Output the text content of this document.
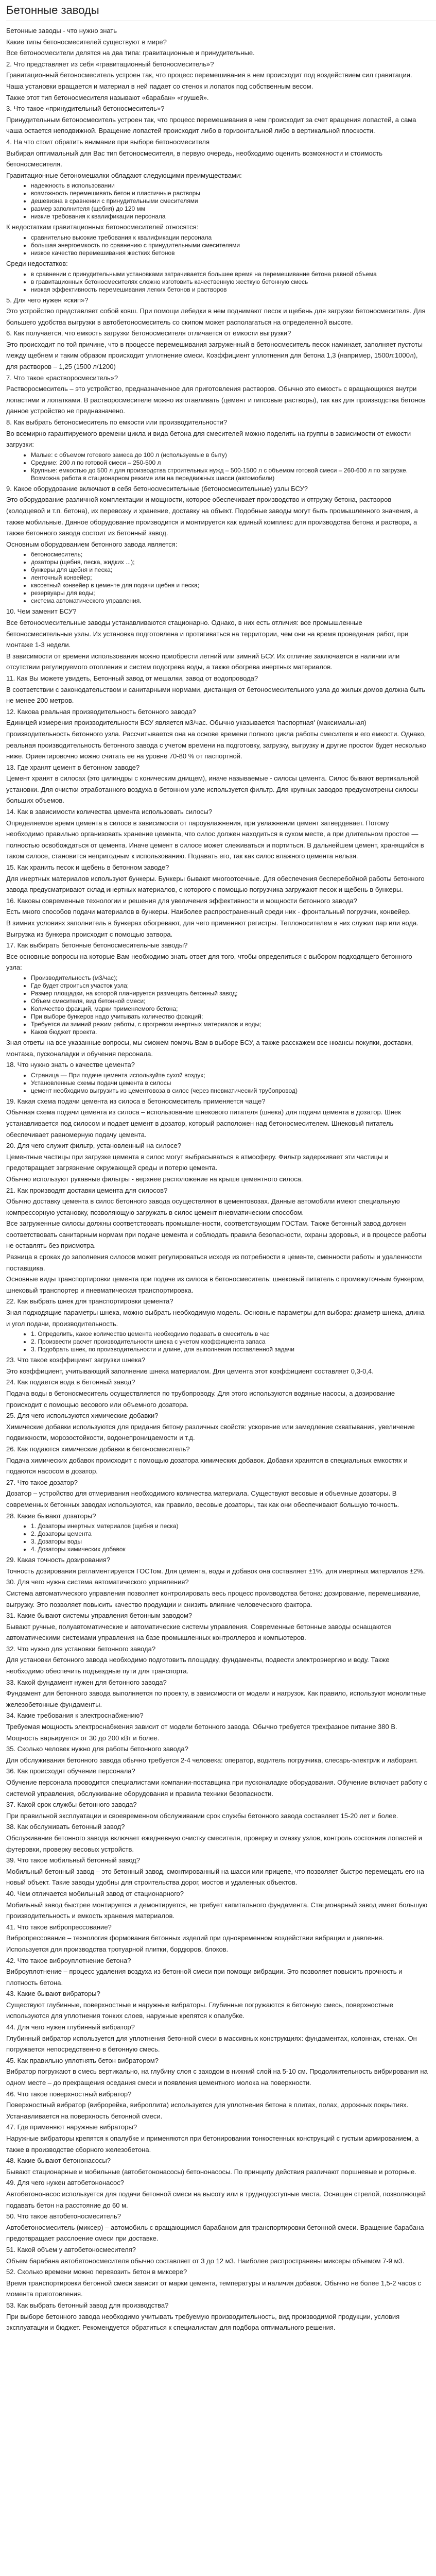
Бетонные заводы

Бетонные заводы - что нужно знать

Какие типы бетоносмесителей существуют в мире?

Все бетоносмесители делятся на два типа: гравитационные и принудительные.

2. Что представляет из себя «гравитационный бетоносмеситель»?

Гравитационный бетоносмеситель устроен так, что процесс перемешивания в нем происходит под воздействием сил гравитации. Чаша установки вращается и материал в ней падает со стенок и лопаток под собственным весом.

Также этот тип бетоносмесителя называют «барабан» «грушей».

3. Что такое «принудительный бетоносмеситель»?

Принудительным бетоносмеситель устроен так, что процесс перемешивания в нем происходит за счет вращения лопастей, а сама чаша остается неподвижной. Вращение лопастей происходит либо в горизонтальной либо в вертикальной плоскости.

4. На что стоит обратить внимание при выборе бетоносмесителя

Выбирая оптимальный для Вас тип бетоносмесителя, в первую очередь, необходимо оценить возможности и стоимость бетоносмесителя.

Гравитационные бетономешалки обладают следующими преимуществами:

• надежность в использовании
• возможность перемешивать бетон и пластичные растворы
• дешевизна в сравнении с принудительными смесителями
• размер заполнителя (щебня) до 120 мм
• низкие требования к квалификации персонала

К недостаткам гравитационных бетоносмесителей относятся:

• сравнительно высокие требования к квалификации персонала
• большая энергоемкость по сравнению с принудительными смесителями
• низкое качество перемешивания жестких бетонов

Среди недостатков:

• в сравнении с принудительными установками затрачивается большее время на перемешивание бетона равной объема
• в гравитационных бетоносмесителях сложно изготовить качественную жесткую бетонную смесь
• низкая эффективность перемешивания легких бетонов и растворов

5. Для чего нужен «скип»?

Это устройство представляет собой ковш. При помощи лебедки в нем поднимают песок и щебень для загрузки бетоносмесителя. Для большего удобства выгрузки в автобетоносмеситель со скипом может располагаться на определенной высоте.

6. Как получается, что емкость загрузки бетоносмесителя отличается от емкости выгрузки?

Это происходит по той причине, что в процессе перемешивания загруженный в бетоносмеситель песок наминает, заполняет пустоты между щебнем и таким образом происходит уплотнение смеси. Коэффициент уплотнения для бетона 1,3 (например, 1500л:1000л), для растворов – 1,25 (1500 л/1200)

7. Что такое «растворосмеситель»?

Растворосмеситель – это устройство, предназначенное для приготовления растворов. Обычно это емкость с вращающихся внутри лопастями и лопатками. В растворосмесителе можно изготавливать (цемент и гипсовые растворы), так как для производства бетонов данное устройство не предназначено.

8. Как выбрать бетоносмеситель по емкости или производительности?

Во всемирно гарантируемого времени цикла и вида бетона для смесителей можно поделить на группы в зависимости от емкости загрузки:

• Малые: с объемом готового замеса до 100 л (используемые в быту)
• Средние: 200 л по готовой смеси – 250-500 л
• Крупные: емкостью до 500 л для производства строительных нужд – 500-1500 л с объемом готовой смеси – 260-600 л по загрузке. Возможна работа в стационарном режиме или на передвижных шасси (автомобили)

9. Какое оборудование включают в себя бетоносмесительные (бетоносмесительные) узлы БСУ?

Это оборудование различной комплектации и мощности, которое обеспечивает производство и отгрузку бетона, растворов (колодцевой и т.п. бетона), их перевозку и хранение, доставку на объект. Подобные заводы могут быть промышленного значения, а также мобильные. Данное оборудование производится и монтируется как единый комплекс для производства бетона и раствора, а также бетонного завода состоит из бетонный завод.

Основным оборудованием бетонного завода является:

• бетоносмеситель;
• дозаторы (щебня, песка, жидких ...);
• бункеры для щебня и песка;
• ленточный конвейер;
• кассетный конвейер в цементе для подачи щебня и песка;
• резервуары для воды;
• система автоматического управления.

10. Чем заменит БСУ?

Все бетоносмесительные заводы устанавливаются стационарно. Однако, в них есть отличия: все промышленные бетоносмесительные узлы. Их установка подготовлена и протягиваться на территории, чем они на время проведения работ, при монтаже 1-3 недели.

В зависимости от времени использования можно приобрести летний или зимний БСУ. Их отличие заключается в наличии или отсутствии регулируемого отопления и систем подогрева воды, а также обогрева инертных материалов.

11. Как Вы можете увидеть, Бетонный завод от мешалки, завод от водопровода?

В соответствии с законодательством и санитарными нормами, дистанция от бетоносмесительного узла до жилых домов должна быть не менее 200 метров.

12. Какова реальная производительность бетонного завода?

Единицей измерения производительности БСУ является м3/час. Обычно указывается 'паспортная' (максимальная) производительность бетонного узла. Рассчитывается она на основе времени полного цикла работы смесителя и его емкости. Однако, реальная производительность бетонного завода с учетом времени на подготовку, загрузку, выгрузку и другие простои будет несколько ниже. Ориентировочно можно считать ее на уровне 70-80 % от паспортной.

13. Где хранят цемент в бетонном заводе?

Цемент хранят в силосах (это цилиндры с коническим днищем), иначе называемые - силосы цемента. Силос бывают вертикальной установки. Для очистки отработанного воздуха в бетонном узле используется фильтр. Для крупных заводов предусмотрены силосы больших объемов.

14. Как в зависимости количества цемента использовать силосы?

Определяемое время цемента в силосе в зависимости от пароувлажнения, при увлажнении цемент затвердевает. Потому необходимо правильно организовать хранение цемента, что силос должен находиться в сухом месте, а при длительном простое — полностью освобождаться от цемента. Иначе цемент в силосе может слеживаться и портиться. В дальнейшем цемент, хранящийся в таком силосе, становится непригодным к использованию. Подавать его, так как силос влажного цемента нельзя.

15. Как хранить песок и щебень в бетонном заводе?

Для инертных материалов используют бункеры. Бункеры бывают многоотсечные. Для обеспечения бесперебойной работы бетонного завода предусматривают склад инертных материалов, с которого с помощью погрузчика загружают песок и щебень в бункеры.

16. Каковы современные технологии и решения для увеличения эффективности и мощности бетонного завода?

Есть много способов подачи материалов в бункеры. Наиболее распространенный среди них - фронтальный погрузчик, конвейер.

В зимних условиях заполнитель в бункерах обогревают, для чего применяют регистры. Теплоносителем в них служит пар или вода.

Выгрузка из бункера происходит с помощью затвора.

17. Как выбирать бетонные бетоносмесительные заводы?

Все основные вопросы на которые Вам необходимо знать ответ для того, чтобы определиться с выбором подходящего бетонного узла:

• Производительность (м3/час);
• Где будет строиться участок узла;
• Размер площадки, на которой планируется размещать бетонный завод;
• Объем смесителя, вид бетонной смеси;
• Количество фракций, марки применяемого бетона;
• При выборе бункеров надо учитывать количество фракций;
• Требуется ли зимний режим работы, с прогревом инертных материалов и воды;
• Каков бюджет проекта.

Зная ответы на все указанные вопросы, мы сможем помочь Вам в выборе БСУ, а также расскажем все нюансы покупки, доставки, монтажа, пусконаладки и обучения персонала.

18. Что нужно знать о качестве цемента?

• Страница — При подаче цемента используйте сухой воздух;
• Установленные схемы подачи цемента в силосы
• цемент необходимо выгрузить из цементовоза в силос (через пневматический трубопровод)

19. Какая схема подачи цемента из силоса в бетоносмеситель применяется чаще?

Обычная схема подачи цемента из силоса – использование шнекового питателя (шнека) для подачи цемента в дозатор. Шнек устанавливается под силосом и подает цемент в дозатор, который расположен над бетоносмесителем. Шнековый питатель обеспечивает равномерную подачу цемента.

20. Для чего служит фильтр, установленный на силосе?

Цементные частицы при загрузке цемента в силос могут выбрасываться в атмосферу. Фильтр задерживает эти частицы и предотвращает загрязнение окружающей среды и потерю цемента.

Обычно используют рукавные фильтры - верхнее расположение на крыше цементного силоса.

21. Как производят доставки цемента для силосов?

Обычно доставку цемента в силос бетонного завода осуществляют в цементовозах. Данные автомобили имеют специальную компрессорную установку, позволяющую загружать в силос цемент пневматическим способом.

Все загруженные силосы должны соответствовать промышленности, соответствующим ГОСТам. Также бетонный завод должен соответствовать санитарным нормам при подаче цемента и соблюдать правила безопасности, охраны здоровья, и в процессе работы не оставлять без присмотра.

Разница в сроках до заполнения силосов может регулироваться исходя из потребности в цементе, сменности работы и удаленности поставщика.

Основные виды транспортировки цемента при подаче из силоса в бетоносмеситель: шнековый питатель с промежуточным бункером, шнековый транспортер и пневматическая транспортировка.

22. Как выбрать шнек для транспортировки цемента?

Зная подходящие параметры шнека, можно выбрать необходимую модель. Основные параметры для выбора: диаметр шнека, длина и угол подачи, производительность.

• 1. Определить, какое количество цемента необходимо подавать в смеситель в час
• 2. Произвести расчет производительности шнека с учетом коэффициента запаса
• 3. Подобрать шнек, по производительности и длине, для выполнения поставленной задачи

23. Что такое коэффициент загрузки шнека?

Это коэффициент, учитывающий заполнение шнека материалом. Для цемента этот коэффициент составляет 0,3-0,4.

24. Как подается вода в бетонный завод?

Подача воды в бетоносмеситель осуществляется по трубопроводу. Для этого используются водяные насосы, а дозирование происходит с помощью весового или объемного дозатора.

25. Для чего используются химические добавки?

Химические добавки используются для придания бетону различных свойств: ускорение или замедление схватывания, увеличение подвижности, морозостойкости, водонепроницаемости и т.д.

26. Как подаются химические добавки в бетоносмеситель?

Подача химических добавок происходит с помощью дозатора химических добавок. Добавки хранятся в специальных емкостях и подаются насосом в дозатор.

27. Что такое дозатор?

Дозатор – устройство для отмеривания необходимого количества материала. Существуют весовые и объемные дозаторы. В современных бетонных заводах используются, как правило, весовые дозаторы, так как они обеспечивают большую точность.

28. Какие бывают дозаторы?

• 1. Дозаторы инертных материалов (щебня и песка)
• 2. Дозаторы цемента
• 3. Дозаторы воды
• 4. Дозаторы химических добавок

29. Какая точность дозирования?

Точность дозирования регламентируется ГОСТом. Для цемента, воды и добавок она составляет ±1%, для инертных материалов ±2%.

30. Для чего нужна система автоматического управления?

Система автоматического управления позволяет контролировать весь процесс производства бетона: дозирование, перемешивание, выгрузку. Это позволяет повысить качество продукции и снизить влияние человеческого фактора.

31. Какие бывают системы управления бетонным заводом?

Бывают ручные, полуавтоматические и автоматические системы управления. Современные бетонные заводы оснащаются автоматическими системами управления на базе промышленных контроллеров и компьютеров.

32. Что нужно для установки бетонного завода?

Для установки бетонного завода необходимо подготовить площадку, фундаменты, подвести электроэнергию и воду. Также необходимо обеспечить подъездные пути для транспорта.

33. Какой фундамент нужен для бетонного завода?

Фундамент для бетонного завода выполняется по проекту, в зависимости от модели и нагрузок. Как правило, используют монолитные железобетонные фундаменты.

34. Какие требования к электроснабжению?

Требуемая мощность электроснабжения зависит от модели бетонного завода. Обычно требуется трехфазное питание 380 В. Мощность варьируется от 30 до 200 кВт и более.

35. Сколько человек нужно для работы бетонного завода?

Для обслуживания бетонного завода обычно требуется 2-4 человека: оператор, водитель погрузчика, слесарь-электрик и лаборант.

36. Как происходит обучение персонала?

Обучение персонала проводится специалистами компании-поставщика при пусконаладке оборудования. Обучение включает работу с системой управления, обслуживание оборудования и правила техники безопасности.

37. Какой срок службы бетонного завода?

При правильной эксплуатации и своевременном обслуживании срок службы бетонного завода составляет 15-20 лет и более.

38. Как обслуживать бетонный завод?

Обслуживание бетонного завода включает ежедневную очистку смесителя, проверку и смазку узлов, контроль состояния лопастей и футеровки, проверку весовых устройств.

39. Что такое мобильный бетонный завод?

Мобильный бетонный завод – это бетонный завод, смонтированный на шасси или прицепе, что позволяет быстро перемещать его на новый объект. Такие заводы удобны для строительства дорог, мостов и удаленных объектов.

40. Чем отличается мобильный завод от стационарного?

Мобильный завод быстрее монтируется и демонтируется, не требует капитального фундамента. Стационарный завод имеет большую производительность и емкость хранения материалов.

41. Что такое вибропрессование?

Вибропрессование – технология формования бетонных изделий при одновременном воздействии вибрации и давления. Используется для производства тротуарной плитки, бордюров, блоков.

42. Что такое виброуплотнение бетона?

Виброуплотнение – процесс удаления воздуха из бетонной смеси при помощи вибрации. Это позволяет повысить прочность и плотность бетона.

43. Какие бывают вибраторы?

Существуют глубинные, поверхностные и наружные вибраторы. Глубинные погружаются в бетонную смесь, поверхностные используются для уплотнения тонких слоев, наружные крепятся к опалубке.

44. Для чего нужен глубинный вибратор?

Глубинный вибратор используется для уплотнения бетонной смеси в массивных конструкциях: фундаментах, колоннах, стенах. Он погружается непосредственно в бетонную смесь.

45. Как правильно уплотнять бетон вибратором?

Вибратор погружают в смесь вертикально, на глубину слоя с заходом в нижний слой на 5-10 см. Продолжительность вибрирования на одном месте – до прекращения оседания смеси и появления цементного молока на поверхности.

46. Что такое поверхностный вибратор?

Поверхностный вибратор (виброрейка, виброплита) используется для уплотнения бетона в плитах, полах, дорожных покрытиях. Устанавливается на поверхность бетонной смеси.

47. Где применяют наружные вибраторы?

Наружные вибраторы крепятся к опалубке и применяются при бетонировании тонкостенных конструкций с густым армированием, а также в производстве сборного железобетона.

48. Какие бывают бетононасосы?

Бывают стационарные и мобильные (автобетононасосы) бетононасосы. По принципу действия различают поршневые и роторные.

49. Для чего нужен автобетононасос?

Автобетононасос используется для подачи бетонной смеси на высоту или в труднодоступные места. Оснащен стрелой, позволяющей подавать бетон на расстояние до 60 м.

50. Что такое автобетоносмеситель?

Автобетоносмеситель (миксер) – автомобиль с вращающимся барабаном для транспортировки бетонной смеси. Вращение барабана предотвращает расслоение смеси при доставке.

51. Какой объем у автобетоносмесителя?

Объем барабана автобетоносмесителя обычно составляет от 3 до 12 м3. Наиболее распространены миксеры объемом 7-9 м3.

52. Сколько времени можно перевозить бетон в миксере?

Время транспортировки бетонной смеси зависит от марки цемента, температуры и наличия добавок. Обычно не более 1,5-2 часов с момента приготовления.

53. Как выбрать бетонный завод для производства?

При выборе бетонного завода необходимо учитывать требуемую производительность, вид производимой продукции, условия эксплуатации и бюджет. Рекомендуется обратиться к специалистам для подбора оптимального решения.
